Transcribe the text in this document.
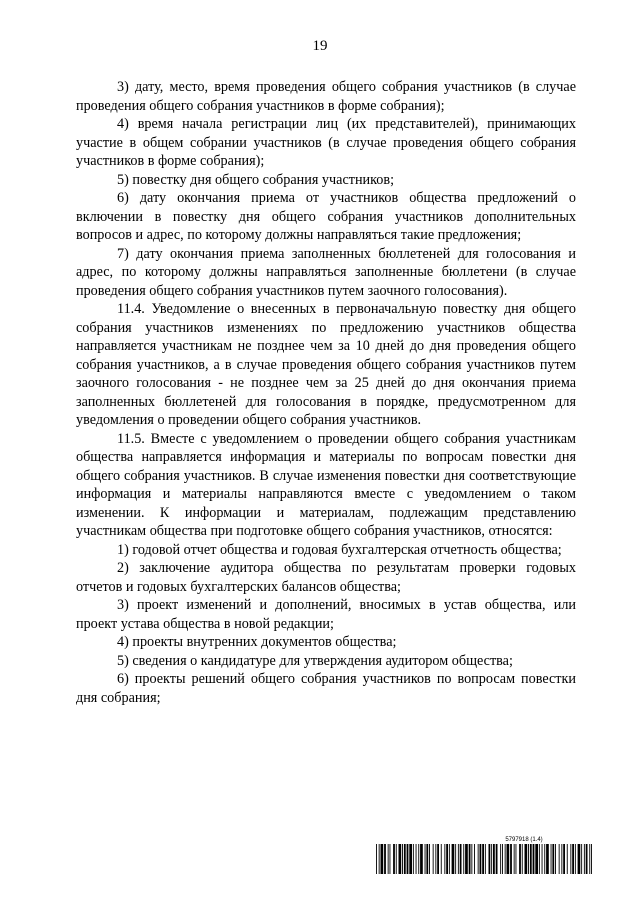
19

3) дату, место, время проведения общего собрания участников (в случае проведения общего собрания участников в форме собрания);

4) время начала регистрации лиц (их представителей), принимающих участие в общем собрании участников (в случае проведения общего собрания участников в форме собрания);

5) повестку дня общего собрания участников;

6) дату окончания приема от участников общества предложений о включении в повестку дня общего собрания участников дополнительных вопросов и адрес, по которому должны направляться такие предложения;

7) дату окончания приема заполненных бюллетеней для голосования и адрес, по которому должны направляться заполненные бюллетени (в случае проведения общего собрания участников путем заочного голосования).

11.4. Уведомление о внесенных в первоначальную повестку дня общего собрания участников изменениях по предложению участников общества направляется участникам не позднее чем за 10 дней до дня проведения общего собрания участников, а в случае проведения общего собрания участников путем заочного голосования - не позднее чем за 25 дней до дня окончания приема заполненных бюллетеней для голосования в порядке, предусмотренном для уведомления о проведении общего собрания участников.

11.5. Вместе с уведомлением о проведении общего собрания участникам общества направляется информация и материалы по вопросам повестки дня общего собрания участников. В случае изменения повестки дня соответствующие информация и материалы направляются вместе с уведомлением о таком изменении. К информации и материалам, подлежащим представлению участникам общества при подготовке общего собрания участников, относятся:

1) годовой отчет общества и годовая бухгалтерская отчетность общества;

2) заключение аудитора общества по результатам проверки годовых отчетов и годовых бухгалтерских балансов общества;

3) проект изменений и дополнений, вносимых в устав общества, или проект устава общества в новой редакции;

4) проекты внутренних документов общества;

5) сведения о кандидатуре для утверждения аудитором общества;

6) проекты решений общего собрания участников по вопросам повестки дня собрания;

5797918 (1.4)
